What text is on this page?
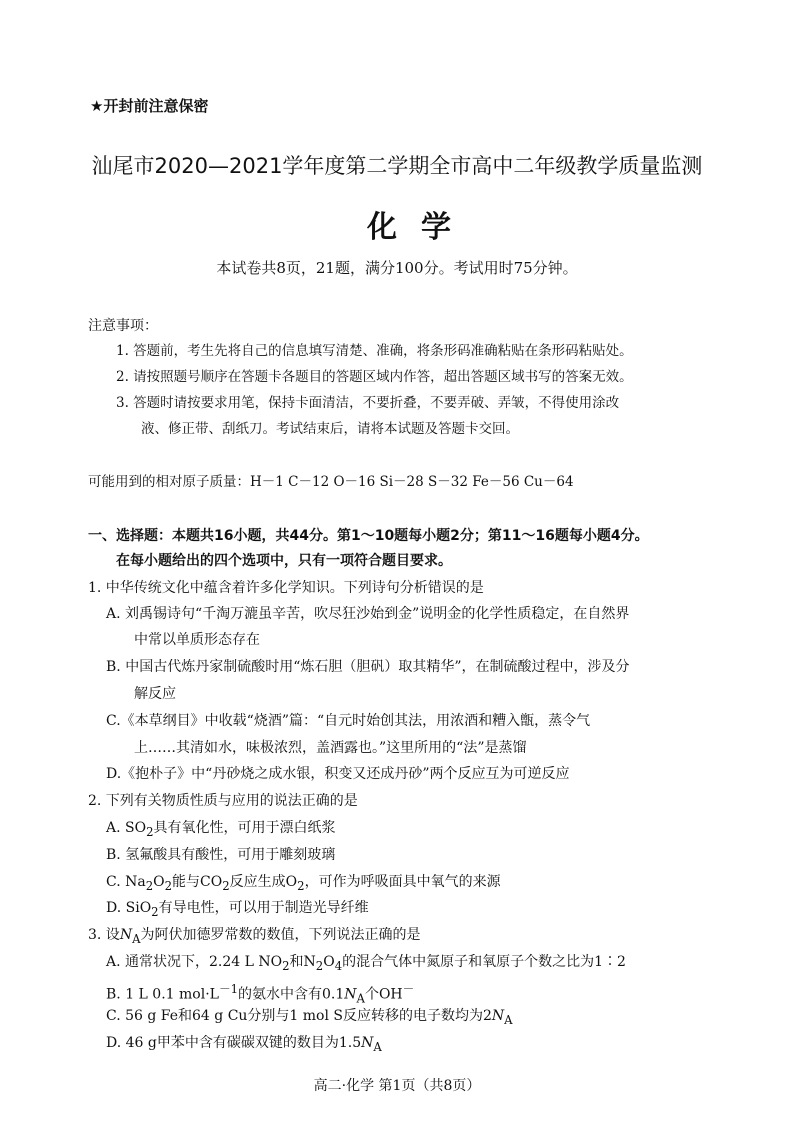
★开封前注意保密
汕尾市2020—2021学年度第二学期全市高中二年级教学质量监测
化学
本试卷共8页，21题，满分100分。考试用时75分钟。
注意事项：
1. 答题前，考生先将自己的信息填写清楚、准确，将条形码准确粘贴在条形码粘贴处。
2. 请按照题号顺序在答题卡各题目的答题区域内作答，超出答题区域书写的答案无效。
3. 答题时请按要求用笔，保持卡面清洁，不要折叠，不要弄破、弄皱，不得使用涂改
液、修正带、刮纸刀。考试结束后，请将本试题及答题卡交回。
可能用到的相对原子质量：H－1 C－12 O－16 Si－28 S－32 Fe－56 Cu－64
一、选择题：本题共16小题，共44分。第1～10题每小题2分；第11～16题每小题4分。
在每小题给出的四个选项中，只有一项符合题目要求。
1. 中华传统文化中蕴含着许多化学知识。下列诗句分析错误的是
A. 刘禹锡诗句“千淘万漉虽辛苦，吹尽狂沙始到金”说明金的化学性质稳定，在自然界
中常以单质形态存在
B. 中国古代炼丹家制硫酸时用“炼石胆（胆矾）取其精华”，在制硫酸过程中，涉及分
解反应
C.《本草纲目》中收载“烧酒”篇：“自元时始创其法，用浓酒和糟入甑，蒸令气
上……其清如水，味极浓烈，盖酒露也。”这里所用的“法”是蒸馏
D.《抱朴子》中“丹砂烧之成水银，积变又还成丹砂”两个反应互为可逆反应
2. 下列有关物质性质与应用的说法正确的是
A. $SO_2$具有氧化性，可用于漂白纸浆
B. 氢氟酸具有酸性，可用于雕刻玻璃
C. $Na_2O_2$能与$CO_2$反应生成$O_2$，可作为呼吸面具中氧气的来源
D. SiO$_2$有导电性，可以用于制造光导纤维
3. 设$N_A$为阿伏加德罗常数的数值，下列说法正确的是
A. 通常状况下，2.24 L $NO_2$和$N_2O_4$的混合气体中氮原子和氧原子个数之比为1∶2
B. 1 L 0.1 $mol\cdot L^{-1}$的氨水中含有$0.1N_A$个OH－
C. 56 g Fe和64 g Cu分别与1 mol S反应转移的电子数均为$2N_A$
D. 46 g甲苯中含有碳碳双键的数目为$1.5N_A$
高二·化学 第1页（共8页）
